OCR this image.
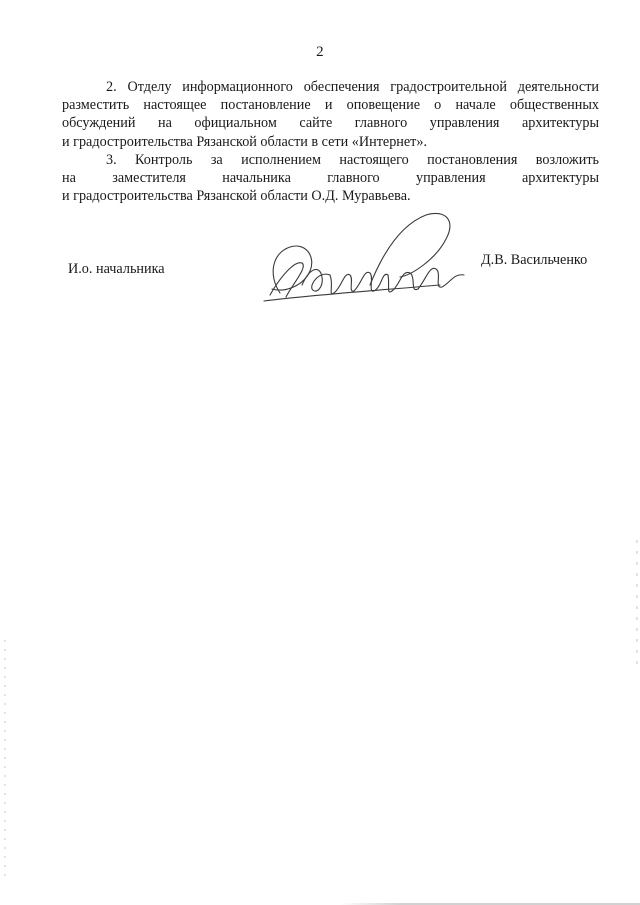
2

2. Отделу информационного обеспечения градостроительной деятельности
разместить настоящее постановление и оповещение о начале общественных
обсуждений на официальном сайте главного управления архитектуры
и градостроительства Рязанской области в сети «Интернет».

3. Контроль за исполнением настоящего постановления возложить
на заместителя начальника главного управления архитектуры
и градостроительства Рязанской области О.Д. Муравьева.

И.о. начальника
Д.В. Васильченко
